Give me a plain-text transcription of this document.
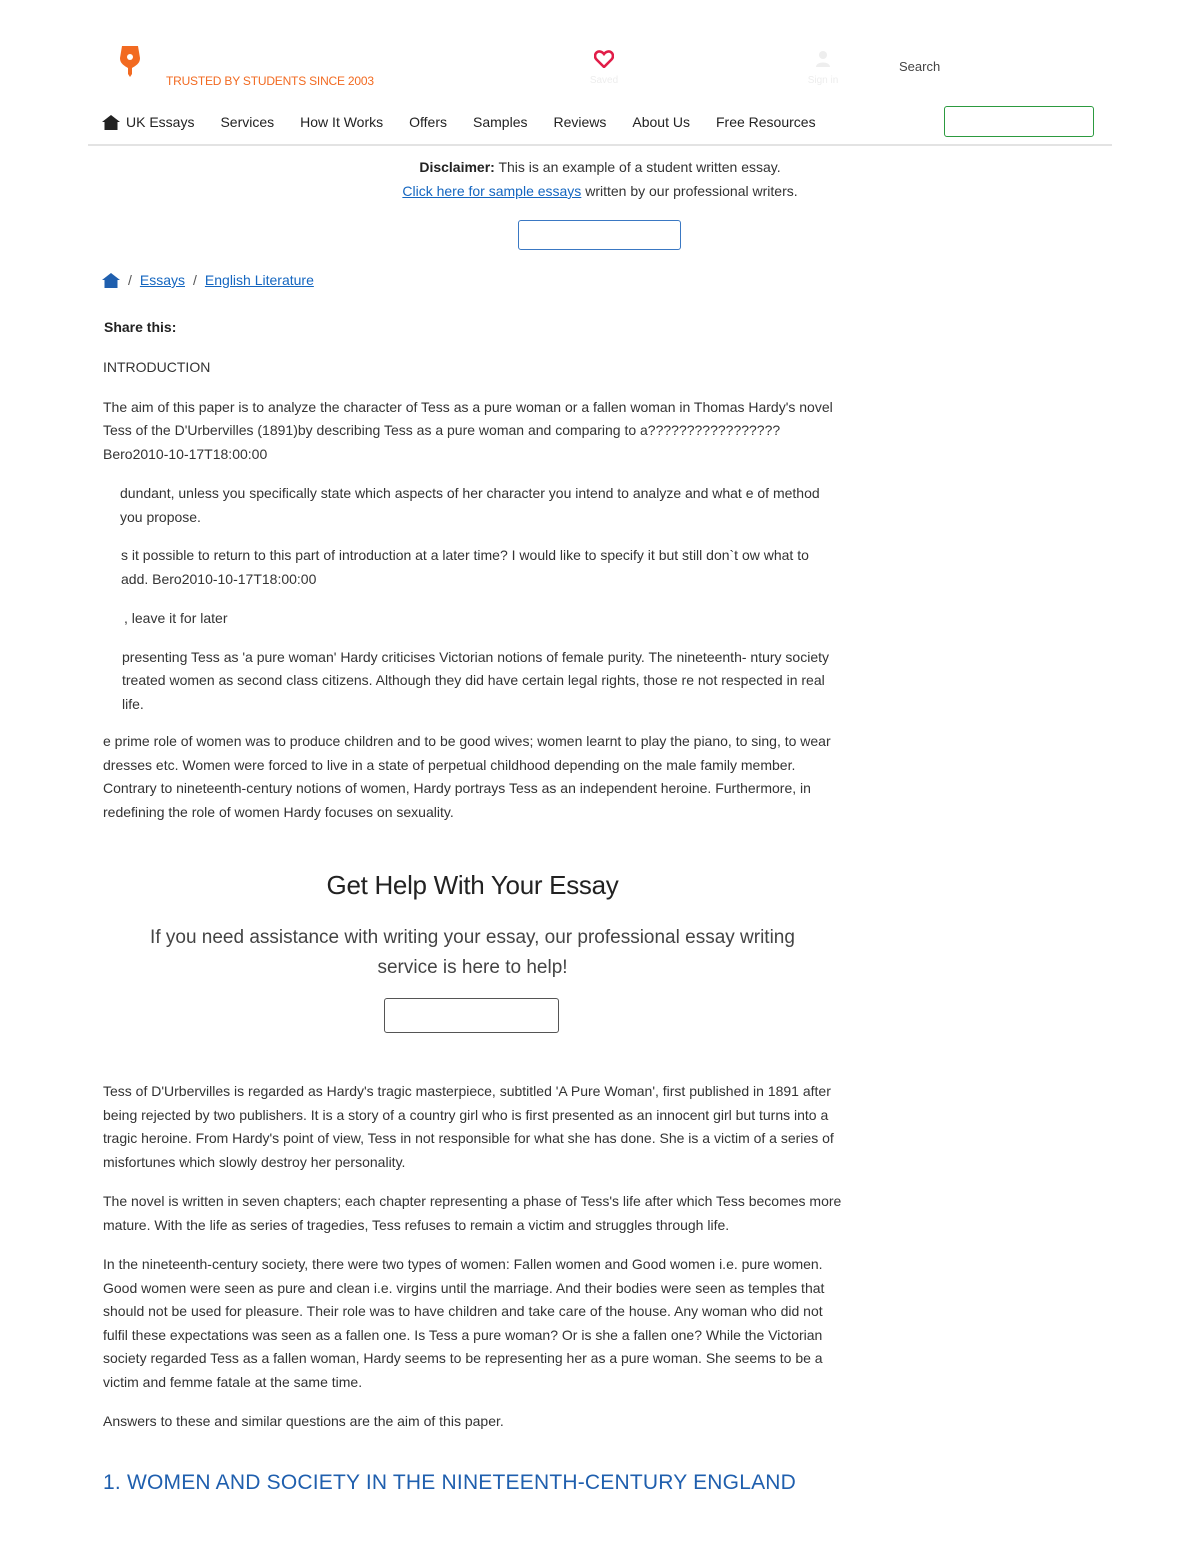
TRUSTED BY STUDENTS SINCE 2003	Saved	Sign in
Search
UK Essays Services How It Works Offers Samples Reviews About Us Free Resources
Disclaimer: This is an example of a student written essay.
Click here for sample essays written by our professional writers.
/ Essays / English Literature
Share this:

INTRODUCTION

The aim of this paper is to analyze the character of Tess as a pure woman or a fallen woman in Thomas Hardy's novel Tess of the D'Urbervilles (1891)by describing Tess as a pure woman and comparing to a????????????????? Bero2010-10-17T18:00:00

dundant, unless you specifically state which aspects of her character you intend to analyze and what e of method you propose.

s it possible to return to this part of introduction at a later time? I would like to specify it but still don`t ow what to add. Bero2010-10-17T18:00:00

, leave it for later

presenting Tess as 'a pure woman' Hardy criticises Victorian notions of female purity. The nineteenth- ntury society treated women as second class citizens. Although they did have certain legal rights, those re not respected in real life.

e prime role of women was to produce children and to be good wives; women learnt to play the piano, to sing, to wear dresses etc. Women were forced to live in a state of perpetual childhood depending on the male family member. Contrary to nineteenth-century notions of women, Hardy portrays Tess as an independent heroine. Furthermore, in redefining the role of women Hardy focuses on sexuality.

Get Help With Your Essay
If you need assistance with writing your essay, our professional essay writing service is here to help!

Tess of D'Urbervilles is regarded as Hardy's tragic masterpiece, subtitled 'A Pure Woman', first published in 1891 after being rejected by two publishers. It is a story of a country girl who is first presented as an innocent girl but turns into a tragic heroine. From Hardy's point of view, Tess in not responsible for what she has done. She is a victim of a series of misfortunes which slowly destroy her personality.

The novel is written in seven chapters; each chapter representing a phase of Tess's life after which Tess becomes more mature. With the life as series of tragedies, Tess refuses to remain a victim and struggles through life.

In the nineteenth-century society, there were two types of women: Fallen women and Good women i.e. pure women. Good women were seen as pure and clean i.e. virgins until the marriage. And their bodies were seen as temples that should not be used for pleasure. Their role was to have children and take care of the house. Any woman who did not fulfil these expectations was seen as a fallen one. Is Tess a pure woman? Or is she a fallen one? While the Victorian society regarded Tess as a fallen woman, Hardy seems to be representing her as a pure woman. She seems to be a victim and femme fatale at the same time.

Answers to these and similar questions are the aim of this paper.

1. WOMEN AND SOCIETY IN THE NINETEENTH-CENTURY ENGLAND
